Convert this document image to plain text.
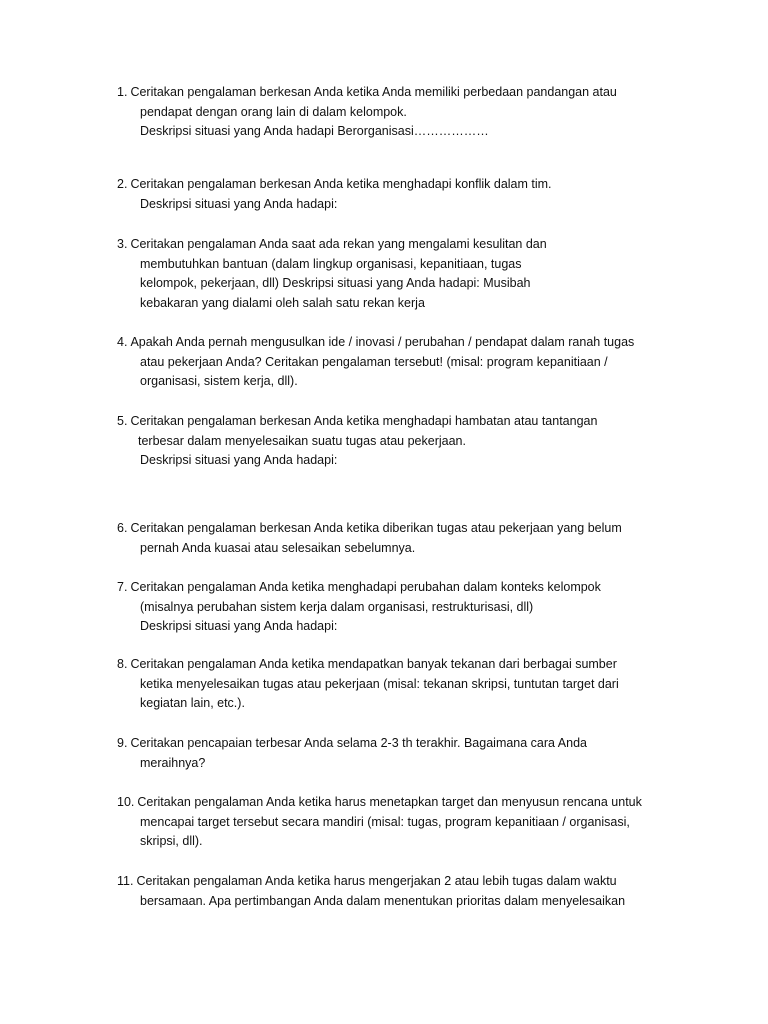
1. Ceritakan pengalaman berkesan Anda ketika Anda memiliki perbedaan pandangan atau
pendapat dengan orang lain di dalam kelompok.
Deskripsi situasi yang Anda hadapi Berorganisasi………………
2. Ceritakan pengalaman berkesan Anda ketika menghadapi konflik dalam tim.
Deskripsi situasi yang Anda hadapi:
3. Ceritakan pengalaman Anda saat ada rekan yang mengalami kesulitan dan
membutuhkan bantuan (dalam lingkup organisasi, kepanitiaan, tugas
kelompok, pekerjaan, dll) Deskripsi situasi yang Anda hadapi: Musibah
kebakaran yang dialami oleh salah satu rekan kerja
4. Apakah Anda pernah mengusulkan ide / inovasi / perubahan / pendapat dalam ranah tugas
atau pekerjaan Anda? Ceritakan pengalaman tersebut! (misal: program kepanitiaan /
organisasi, sistem kerja, dll).
5. Ceritakan pengalaman berkesan Anda ketika menghadapi hambatan atau tantangan
terbesar dalam menyelesaikan suatu tugas atau pekerjaan.
Deskripsi situasi yang Anda hadapi:
6. Ceritakan pengalaman berkesan Anda ketika diberikan tugas atau pekerjaan yang belum
pernah Anda kuasai atau selesaikan sebelumnya.
7. Ceritakan pengalaman Anda ketika menghadapi perubahan dalam konteks kelompok
(misalnya perubahan sistem kerja dalam organisasi, restrukturisasi, dll)
Deskripsi situasi yang Anda hadapi:
8. Ceritakan pengalaman Anda ketika mendapatkan banyak tekanan dari berbagai sumber
ketika menyelesaikan tugas atau pekerjaan (misal: tekanan skripsi, tuntutan target dari
kegiatan lain, etc.).
9. Ceritakan pencapaian terbesar Anda selama 2-3 th terakhir. Bagaimana cara Anda
meraihnya?
10. Ceritakan pengalaman Anda ketika harus menetapkan target dan menyusun rencana untuk
mencapai target tersebut secara mandiri (misal: tugas, program kepanitiaan / organisasi,
skripsi, dll).
11. Ceritakan pengalaman Anda ketika harus mengerjakan 2 atau lebih tugas dalam waktu
bersamaan. Apa pertimbangan Anda dalam menentukan prioritas dalam menyelesaikan
